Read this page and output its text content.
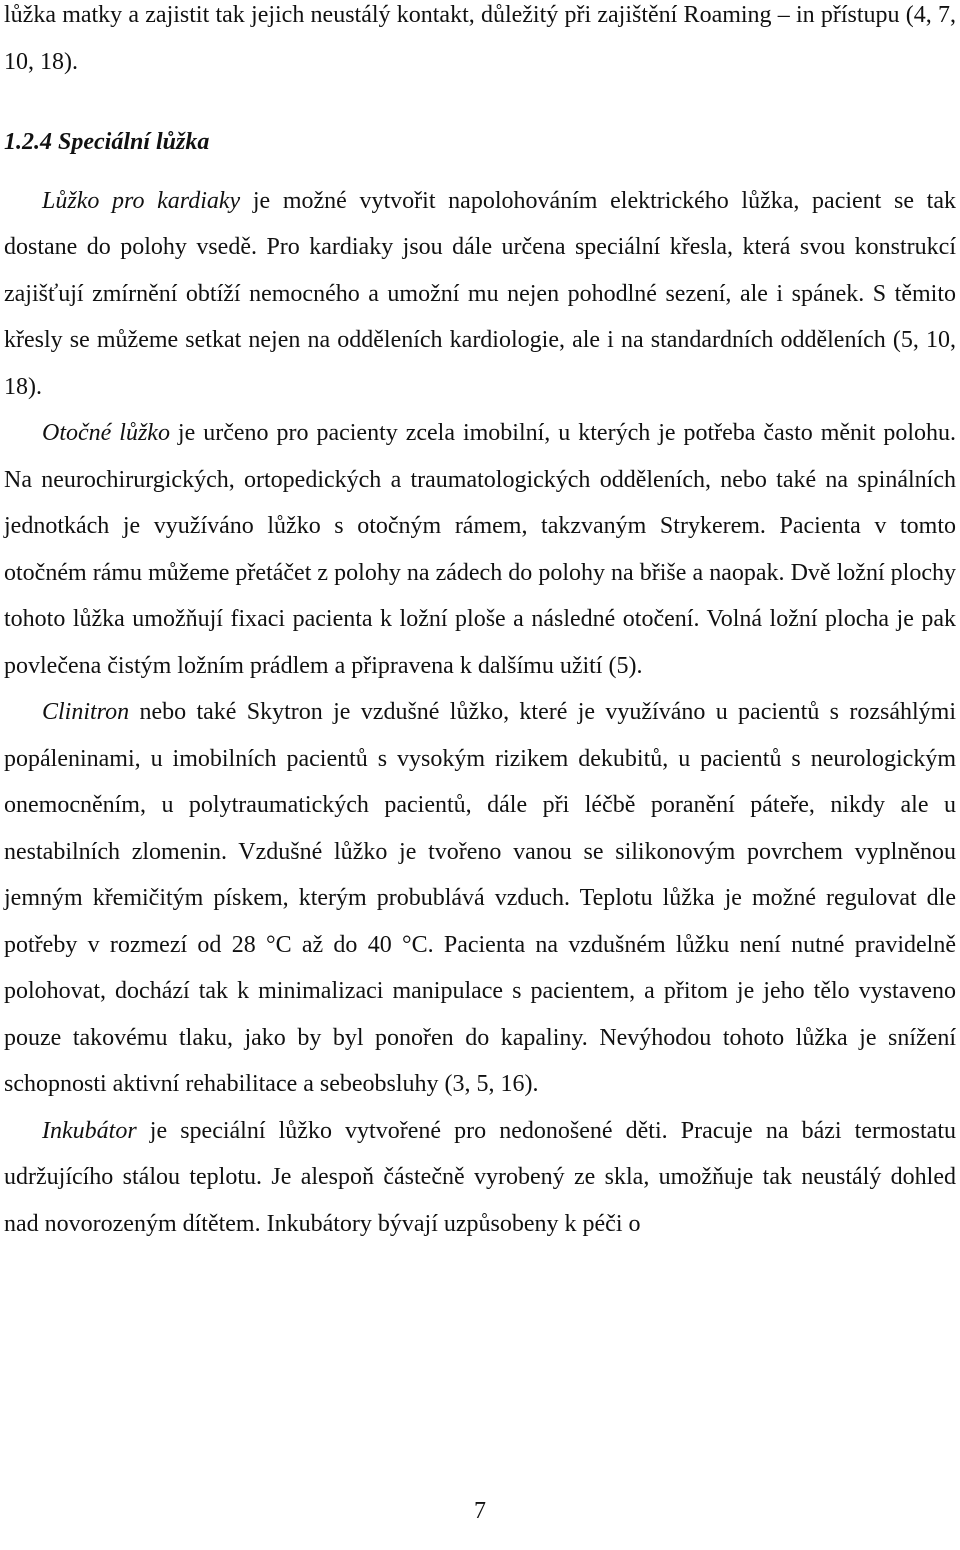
lůžka matky a zajistit tak jejich neustálý kontakt, důležitý při zajištění Roaming – in přístupu (4, 7, 10, 18).

1.2.4 Speciální lůžka

Lůžko pro kardiaky je možné vytvořit napolohováním elektrického lůžka, pacient se tak dostane do polohy vsedě. Pro kardiaky jsou dále určena speciální křesla, která svou konstrukcí zajišťují zmírnění obtíží nemocného a umožní mu nejen pohodlné sezení, ale i spánek. S těmito křesly se můžeme setkat nejen na odděleních kardiologie, ale i na standardních odděleních (5, 10, 18).

Otočné lůžko je určeno pro pacienty zcela imobilní, u kterých je potřeba často měnit polohu. Na neurochirurgických, ortopedických a traumatologických odděleních, nebo také na spinálních jednotkách je využíváno lůžko s otočným rámem, takzvaným Strykerem. Pacienta v tomto otočném rámu můžeme přetáčet z polohy na zádech do polohy na břiše a naopak. Dvě ložní plochy tohoto lůžka umožňují fixaci pacienta k ložní ploše a následné otočení. Volná ložní plocha je pak povlečena čistým ložním prádlem a připravena k dalšímu užití (5).

Clinitron nebo také Skytron je vzdušné lůžko, které je využíváno u pacientů s rozsáhlými popáleninami, u imobilních pacientů s vysokým rizikem dekubitů, u pacientů s neurologickým onemocněním, u polytraumatických pacientů, dále při léčbě poranění páteře, nikdy ale u nestabilních zlomenin. Vzdušné lůžko je tvořeno vanou se silikonovým povrchem vyplněnou jemným křemičitým pískem, kterým probublává vzduch. Teplotu lůžka je možné regulovat dle potřeby v rozmezí od 28 °C až do 40 °C. Pacienta na vzdušném lůžku není nutné pravidelně polohovat, dochází tak k minimalizaci manipulace s pacientem, a přitom je jeho tělo vystaveno pouze takovému tlaku, jako by byl ponořen do kapaliny. Nevýhodou tohoto lůžka je snížení schopnosti aktivní rehabilitace a sebeobsluhy (3, 5, 16).

Inkubátor je speciální lůžko vytvořené pro nedonošené děti. Pracuje na bázi termostatu udržujícího stálou teplotu. Je alespoň částečně vyrobený ze skla, umožňuje tak neustálý dohled nad novorozeným dítětem. Inkubátory bývají uzpůsobeny k péči o

7
